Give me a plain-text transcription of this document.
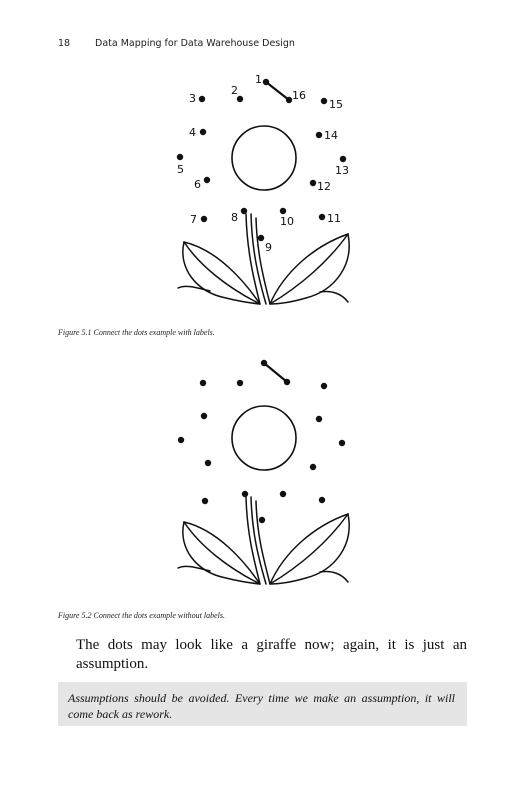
18	Data Mapping for Data Warehouse Design
1
2
3
4
5
6
7	8
9
10	11
12
13
14
15
16
Figure 5.1 Connect the dots example with labels.
Figure 5.2 Connect the dots example without labels.
The dots may look like a giraffe now; again, it is just an
assumption.

Assumptions should be avoided. Every time we make an assumption, it will come back as rework.
